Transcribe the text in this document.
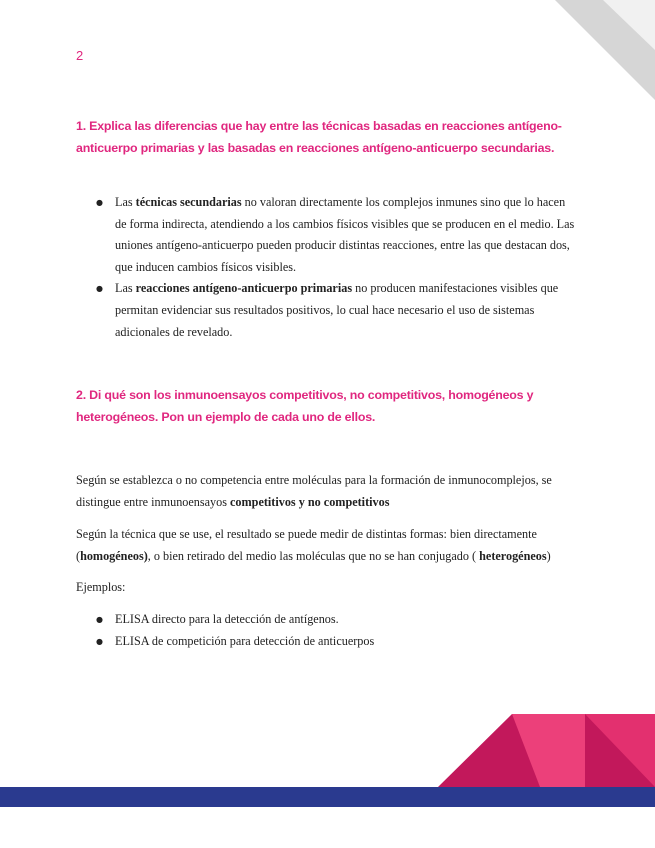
2
1. Explica las diferencias que hay entre las técnicas basadas en reacciones antígeno-anticuerpo primarias y las basadas en reacciones antígeno-anticuerpo secundarias.
● Las técnicas secundarias no valoran directamente los complejos inmunes sino que lo hacen de forma indirecta, atendiendo a los cambios físicos visibles que se producen en el medio. Las uniones antígeno-anticuerpo pueden producir distintas reacciones, entre las que destacan dos, que inducen cambios físicos visibles.
● Las reacciones antígeno-anticuerpo primarias no producen manifestaciones visibles que permitan evidenciar sus resultados positivos, lo cual hace necesario el uso de sistemas adicionales de revelado.
2. Di qué son los inmunoensayos competitivos, no competitivos, homogéneos y heterogéneos. Pon un ejemplo de cada uno de ellos.

Según se establezca o no competencia entre moléculas para la formación de inmunocomplejos, se distingue entre inmunoensayos competitivos y no competitivos

Según la técnica que se use, el resultado se puede medir de distintas formas: bien directamente (homogéneos), o bien retirado del medio las moléculas que no se han conjugado ( heterogéneos)

Ejemplos:

● ELISA directo para la detección de antígenos.
● ELISA de competición para detección de anticuerpos
